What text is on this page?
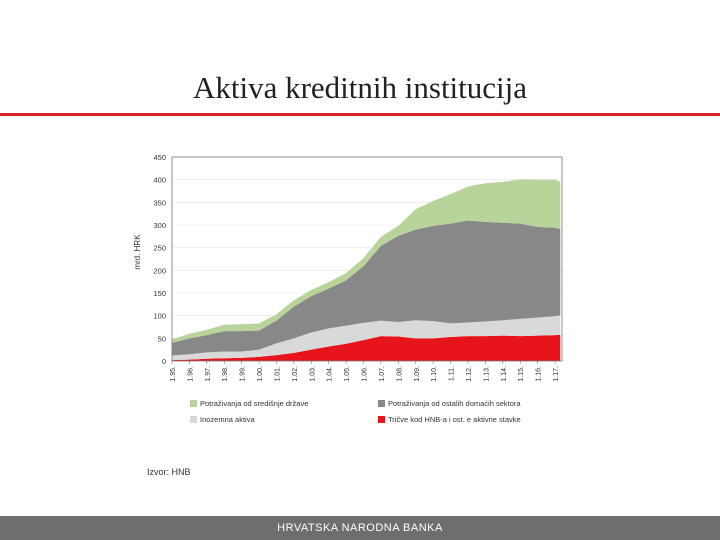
Aktiva kreditnih institucija
0
50
100
150
200
250
300
350
400
450
1.95. 1.96. 1.97. 1.98. 1.99. 1.00. 1.01. 1.02. 1.03. 1.04. 1.05. 1.06. 1.07. 1.08. 1.09. 1.10. 1.11. 1.12. 1.13. 1.14. 1.15. 1.16. 1.17.
mrd. HRK
Potraživanja od središnje države	Potraživanja od ostalih domaćih sektora
Inozemna aktiva	Tričve kod HNB-a i ost. e aktivne stavke
Izvor: HNB
HRVATSKA NARODNA BANKA
